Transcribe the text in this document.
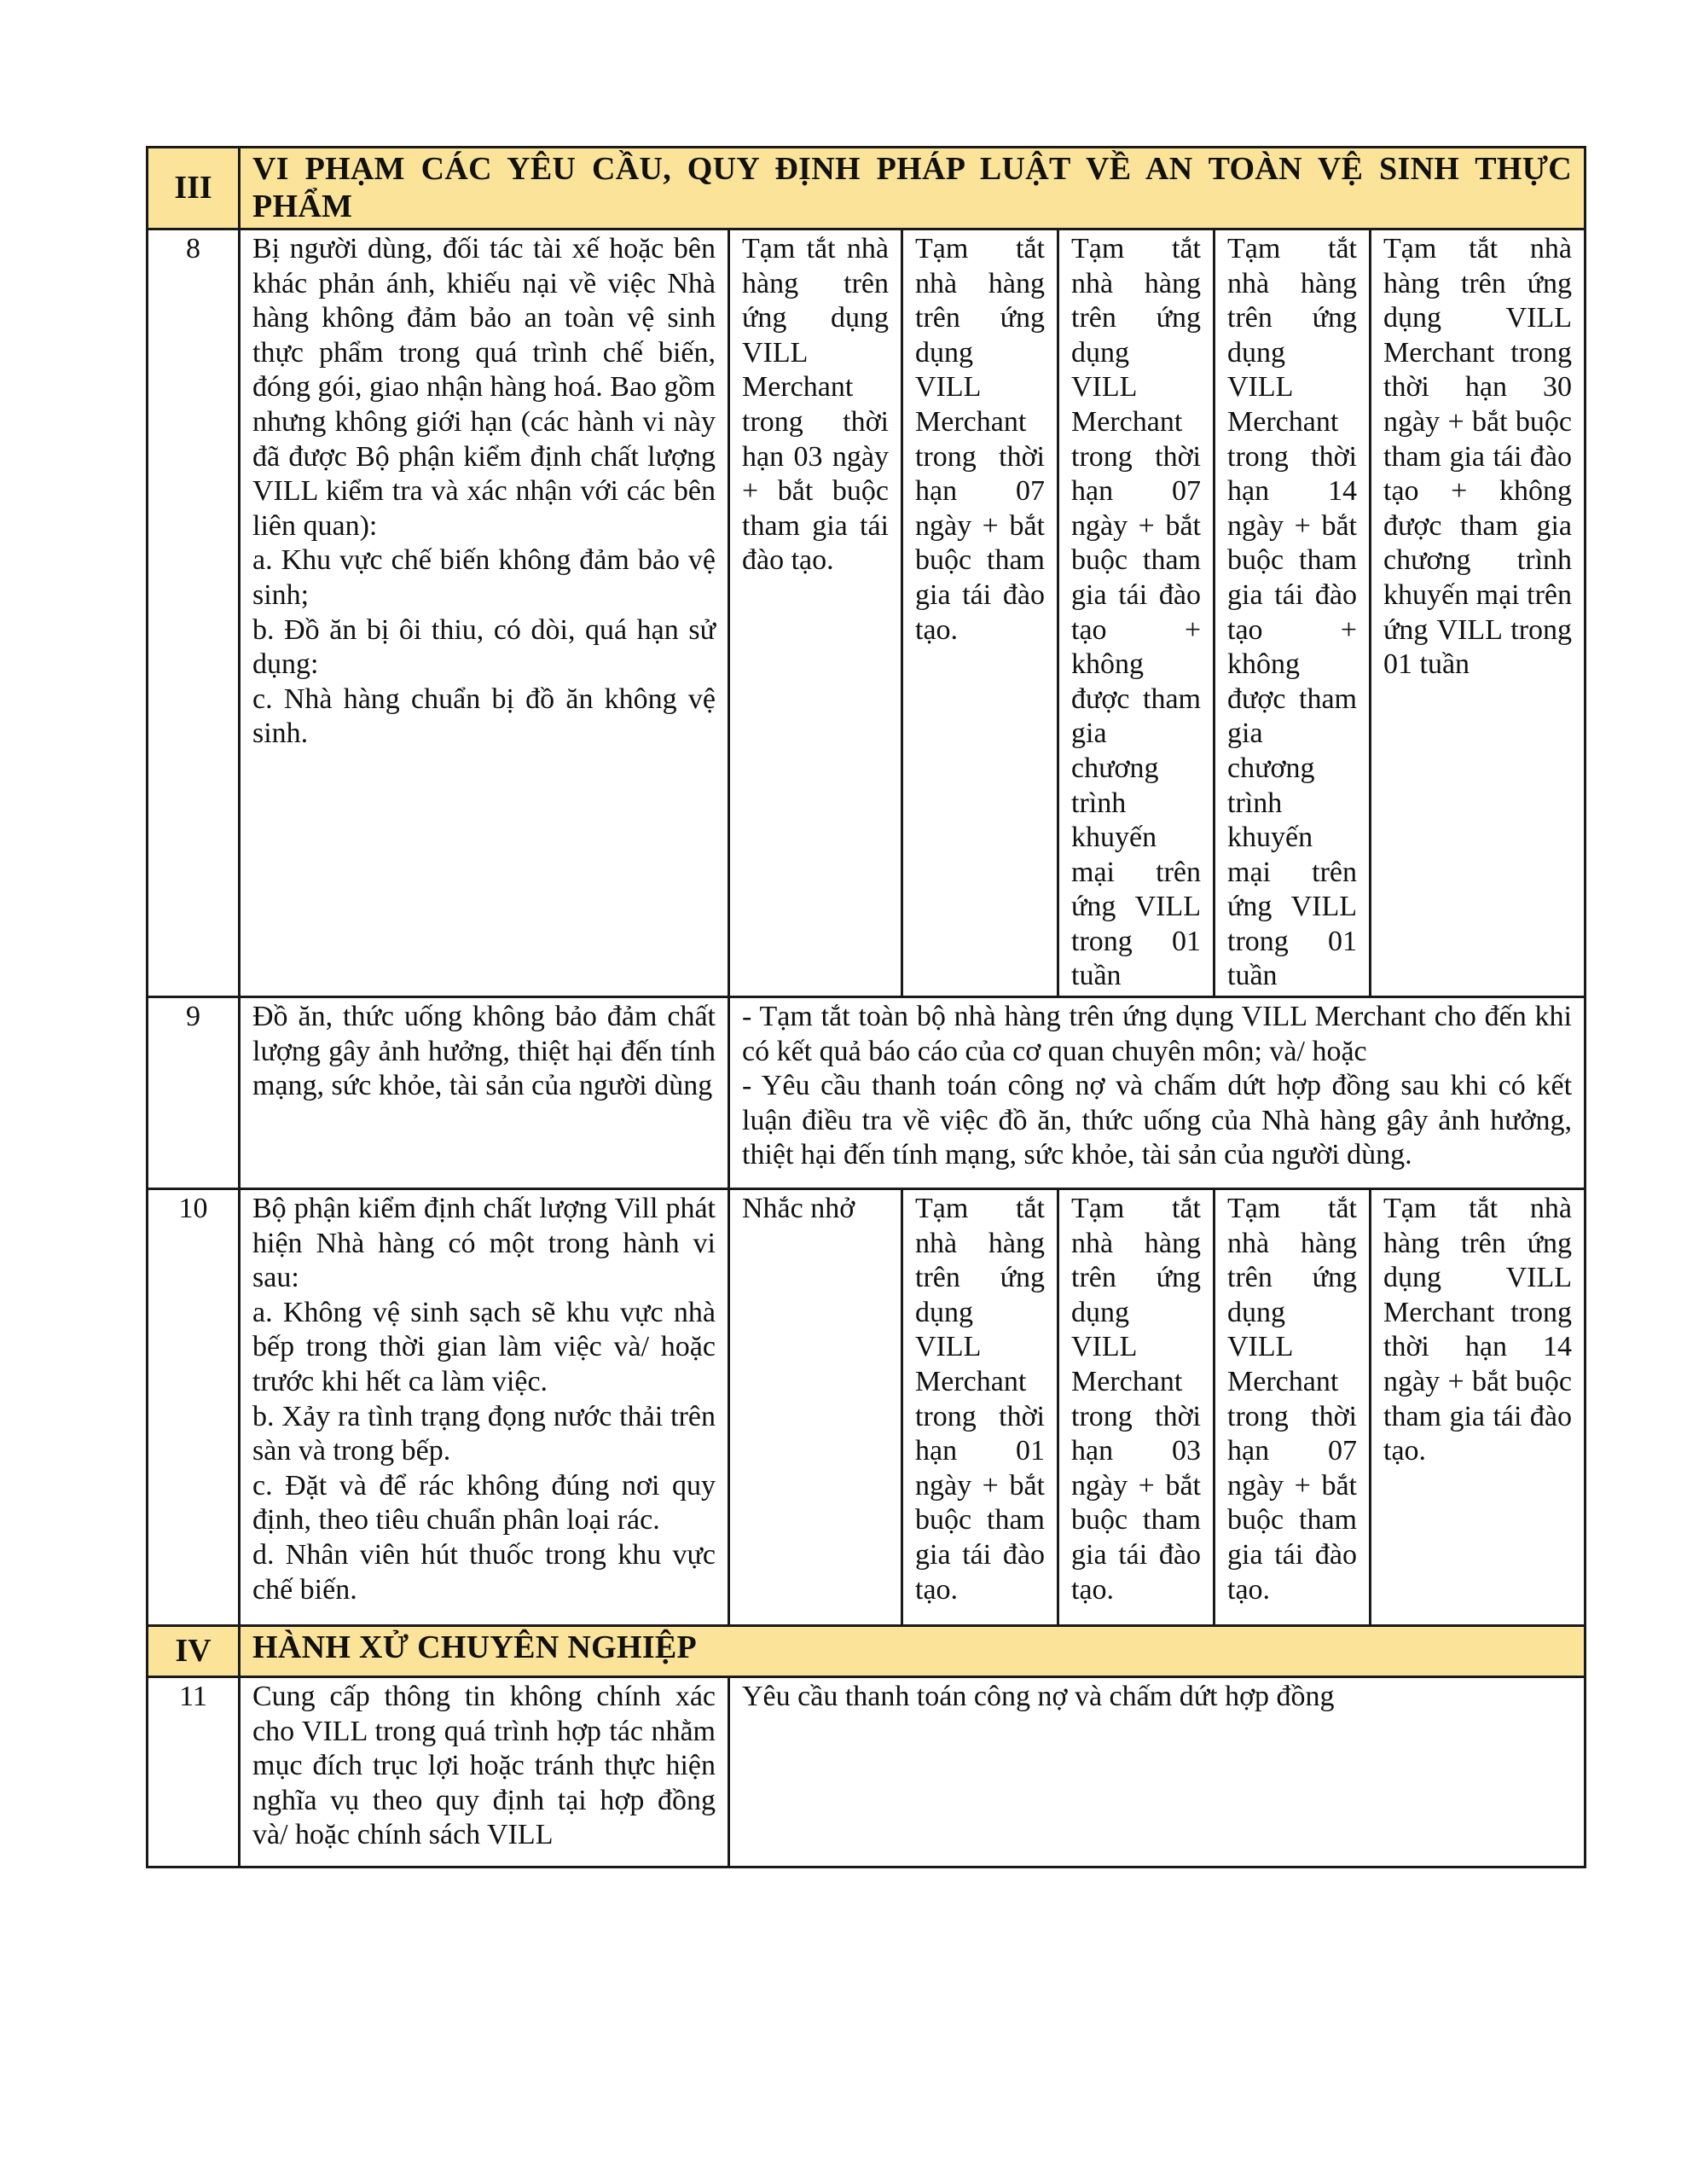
III	VI PHẠM CÁC YÊU CẦU, QUY ĐỊNH PHÁP LUẬT VỀ AN TOÀN VỆ SINH THỰC PHẨM					
8	Bị người dùng, đối tác tài xế hoặc bên khác phản ánh, khiếu nại về việc Nhà hàng không đảm bảo an toàn vệ sinh thực phẩm trong quá trình chế biến, đóng gói, giao nhận hàng hoá. Bao gồm nhưng không giới hạn (các hành vi này đã được Bộ phận kiểm định chất lượng VILL kiểm tra và xác nhận với các bên liên quan):
a. Khu vực chế biến không đảm bảo vệ sinh;
b. Đồ ăn bị ôi thiu, có dòi, quá hạn sử dụng:
c. Nhà hàng chuẩn bị đồ ăn không vệ sinh.	Tạm tắt nhà hàng trên ứng dụng VILL Merchant trong thời hạn 03 ngày + bắt buộc tham gia tái đào tạo.	Tạm tắt nhà hàng trên ứng dụng VILL Merchant trong thời hạn 07 ngày + bắt buộc tham gia tái đào tạo.	Tạm tắt nhà hàng trên ứng dụng VILL Merchant trong thời hạn 07 ngày + bắt buộc tham gia tái đào tạo + không được tham gia chương trình khuyến mại trên ứng VILL trong 01 tuần	Tạm tắt nhà hàng trên ứng dụng VILL Merchant trong thời hạn 14 ngày + bắt buộc tham gia tái đào tạo + không được tham gia chương trình khuyến mại trên ứng VILL trong 01 tuần	Tạm tắt nhà hàng trên ứng dụng VILL Merchant trong thời hạn 30 ngày + bắt buộc tham gia tái đào tạo + không được tham gia chương trình khuyến mại trên ứng VILL trong 01 tuần
9	Đồ ăn, thức uống không bảo đảm chất lượng gây ảnh hưởng, thiệt hại đến tính mạng, sức khỏe, tài sản của người dùng	- Tạm tắt toàn bộ nhà hàng trên ứng dụng VILL Merchant cho đến khi có kết quả báo cáo của cơ quan chuyên môn; và/ hoặc
- Yêu cầu thanh toán công nợ và chấm dứt hợp đồng sau khi có kết luận điều tra về việc đồ ăn, thức uống của Nhà hàng gây ảnh hưởng, thiệt hại đến tính mạng, sức khỏe, tài sản của người dùng.				

10	Bộ phận kiểm định chất lượng Vill phát hiện Nhà hàng có một trong hành vi sau:
a. Không vệ sinh sạch sẽ khu vực nhà bếp trong thời gian làm việc và/ hoặc trước khi hết ca làm việc.
b. Xảy ra tình trạng đọng nước thải trên sàn và trong bếp.
c. Đặt và để rác không đúng nơi quy định, theo tiêu chuẩn phân loại rác.
d. Nhân viên hút thuốc trong khu vực chế biến.	Nhắc nhở	Tạm tắt nhà hàng trên ứng dụng VILL Merchant trong thời hạn 01 ngày + bắt buộc tham gia tái đào tạo.	Tạm tắt nhà hàng trên ứng dụng VILL Merchant trong thời hạn 03 ngày + bắt buộc tham gia tái đào tạo.	Tạm tắt nhà hàng trên ứng dụng VILL Merchant trong thời hạn 07 ngày + bắt buộc tham gia tái đào tạo.	Tạm tắt nhà hàng trên ứng dụng VILL Merchant trong thời hạn 14 ngày + bắt buộc tham gia tái đào tạo.
IV	HÀNH XỬ CHUYÊN NGHIỆP					
11	Cung cấp thông tin không chính xác cho VILL trong quá trình hợp tác nhằm mục đích trục lợi hoặc tránh thực hiện nghĩa vụ theo quy định tại hợp đồng và/ hoặc chính sách VILL	Yêu cầu thanh toán công nợ và chấm dứt hợp đồng				
